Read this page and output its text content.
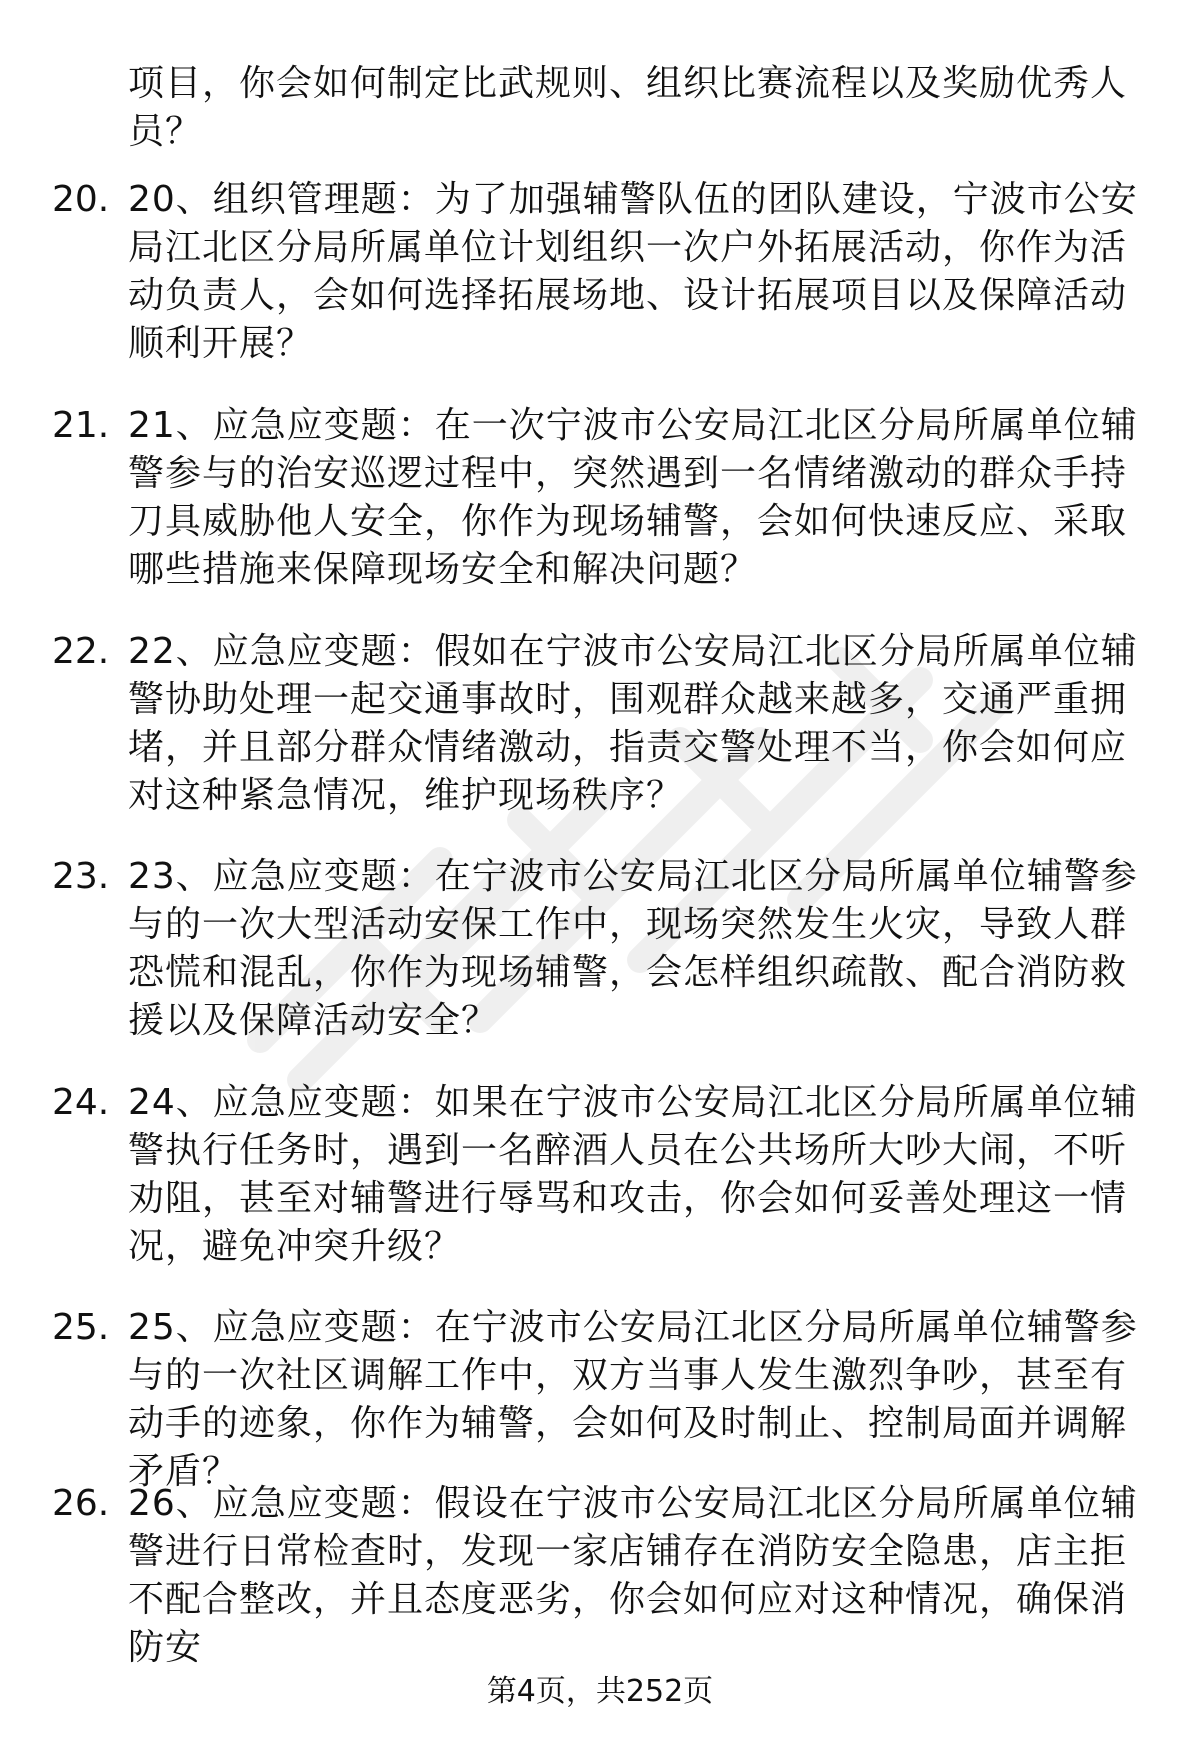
项目，你会如何制定比武规则、组织比赛流程以及奖励优秀人员？
20. 20、组织管理题：为了加强辅警队伍的团队建设，宁波市公安局江北区分局所属单位计划组织一次户外拓展活动，你作为活动负责人，会如何选择拓展场地、设计拓展项目以及保障活动顺利开展？
21. 21、应急应变题：在一次宁波市公安局江北区分局所属单位辅警参与的治安巡逻过程中，突然遇到一名情绪激动的群众手持刀具威胁他人安全，你作为现场辅警，会如何快速反应、采取哪些措施来保障现场安全和解决问题？
22. 22、应急应变题：假如在宁波市公安局江北区分局所属单位辅警协助处理一起交通事故时，围观群众越来越多，交通严重拥堵，并且部分群众情绪激动，指责交警处理不当，你会如何应对这种紧急情况，维护现场秩序？
23. 23、应急应变题：在宁波市公安局江北区分局所属单位辅警参与的一次大型活动安保工作中，现场突然发生火灾，导致人群恐慌和混乱，你作为现场辅警，会怎样组织疏散、配合消防救援以及保障活动安全？
24. 24、应急应变题：如果在宁波市公安局江北区分局所属单位辅警执行任务时，遇到一名醉酒人员在公共场所大吵大闹，不听劝阻，甚至对辅警进行辱骂和攻击，你会如何妥善处理这一情况，避免冲突升级？
25. 25、应急应变题：在宁波市公安局江北区分局所属单位辅警参与的一次社区调解工作中，双方当事人发生激烈争吵，甚至有动手的迹象，你作为辅警，会如何及时制止、控制局面并调解矛盾？
26. 26、应急应变题：假设在宁波市公安局江北区分局所属单位辅警进行日常检查时，发现一家店铺存在消防安全隐患，店主拒不配合整改，并且态度恶劣，你会如何应对这种情况，确保消防安
第4页，共252页
